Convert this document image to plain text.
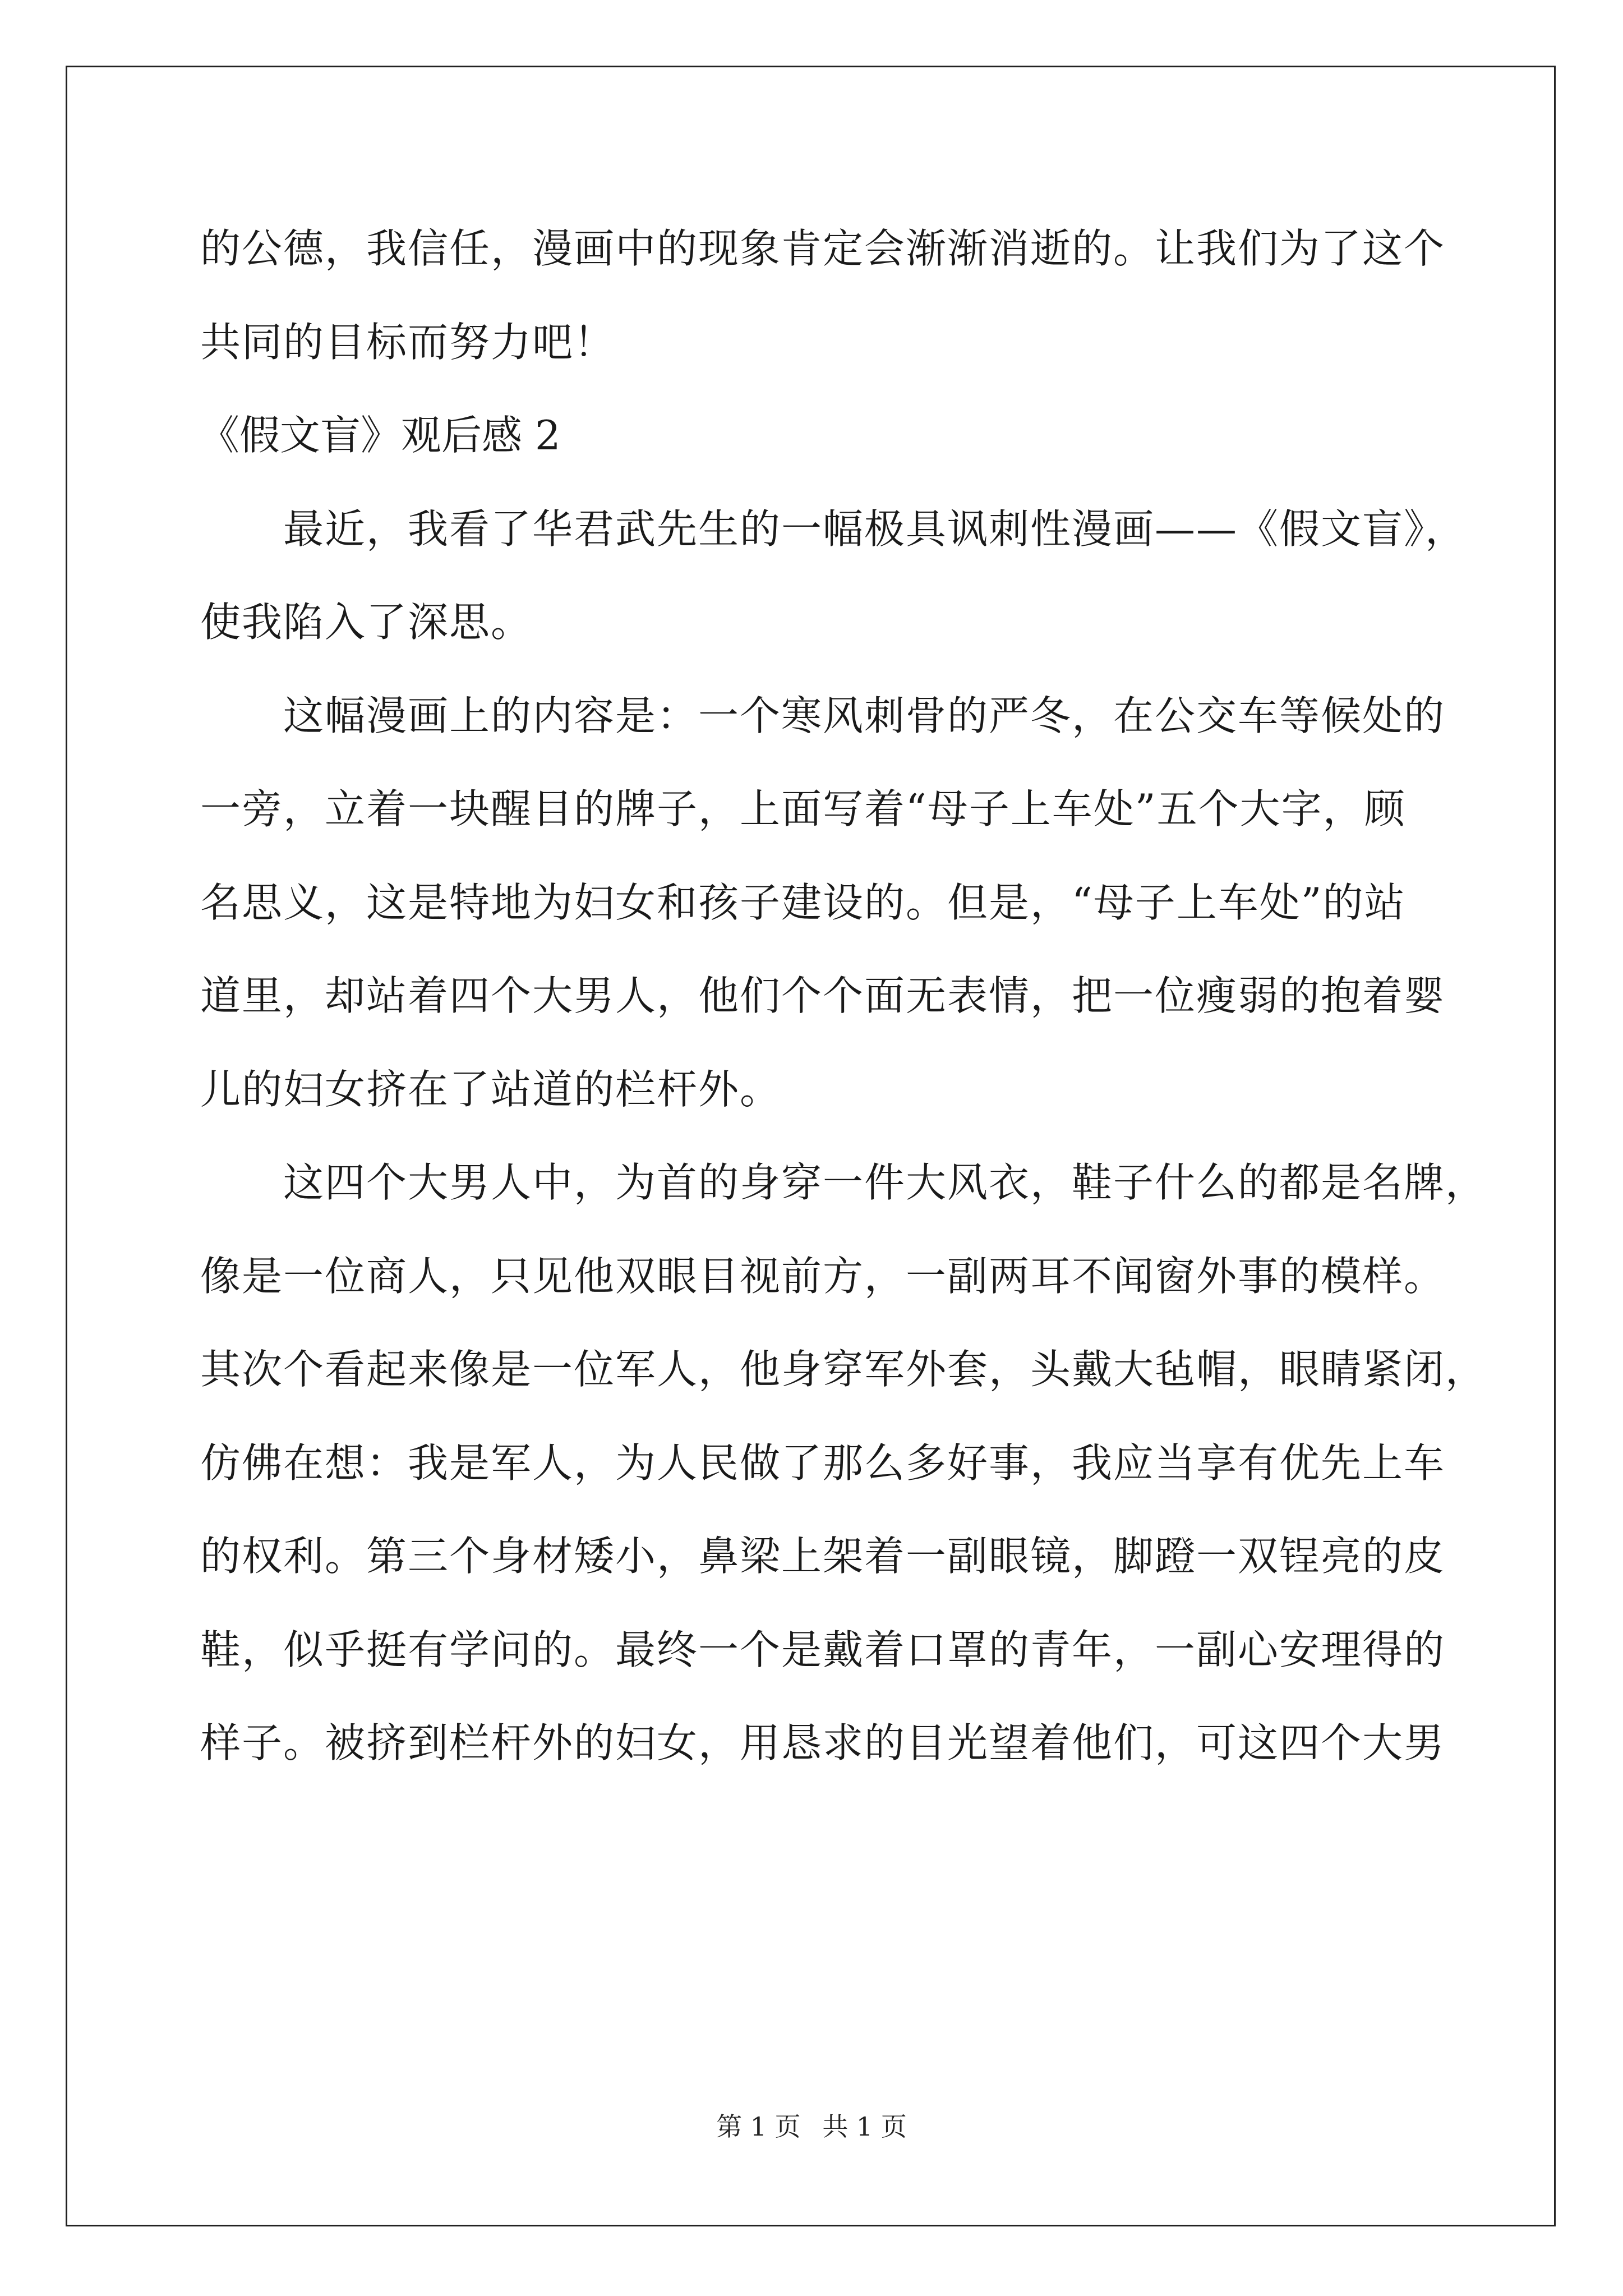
的公德，我信任，漫画中的现象肯定会渐渐消逝的。让我们为了这个
共同的目标而努力吧！
《假文盲》观后感 2
最近，我看了华君武先生的一幅极具讽刺性漫画——《假文盲》，
使我陷入了深思。
这幅漫画上的内容是：一个寒风刺骨的严冬，在公交车等候处的
一旁，立着一块醒目的牌子，上面写着“母子上车处”五个大字，顾
名思义，这是特地为妇女和孩子建设的。但是，“母子上车处”的站
道里，却站着四个大男人，他们个个面无表情，把一位瘦弱的抱着婴
儿的妇女挤在了站道的栏杆外。
这四个大男人中，为首的身穿一件大风衣，鞋子什么的都是名牌，
像是一位商人，只见他双眼目视前方，一副两耳不闻窗外事的模样。
其次个看起来像是一位军人，他身穿军外套，头戴大毡帽，眼睛紧闭，
仿佛在想：我是军人，为人民做了那么多好事，我应当享有优先上车
的权利。第三个身材矮小，鼻梁上架着一副眼镜，脚蹬一双锃亮的皮
鞋，似乎挺有学问的。最终一个是戴着口罩的青年，一副心安理得的
样子。被挤到栏杆外的妇女，用恳求的目光望着他们，可这四个大男
第 1 页 共 1 页
